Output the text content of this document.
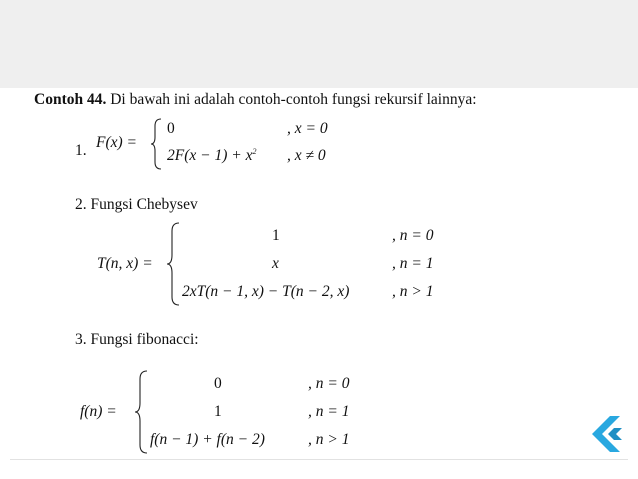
Contoh 44. Di bawah ini adalah contoh-contoh fungsi rekursif lainnya:
1. F(x) =
0	, x = 0
$2F(x - 1) + x^2$ , x ≠ 0
2. Fungsi Chebysev
T(n, x) =
1	, n = 0
x	, n = 1
2xT(n − 1, x) − T(n − 2, x)	, n > 1
3. Fungsi fibonacci:
f(n) =
0	, n = 0
1	, n = 1
f(n − 1) + f(n − 2)	, n > 1
